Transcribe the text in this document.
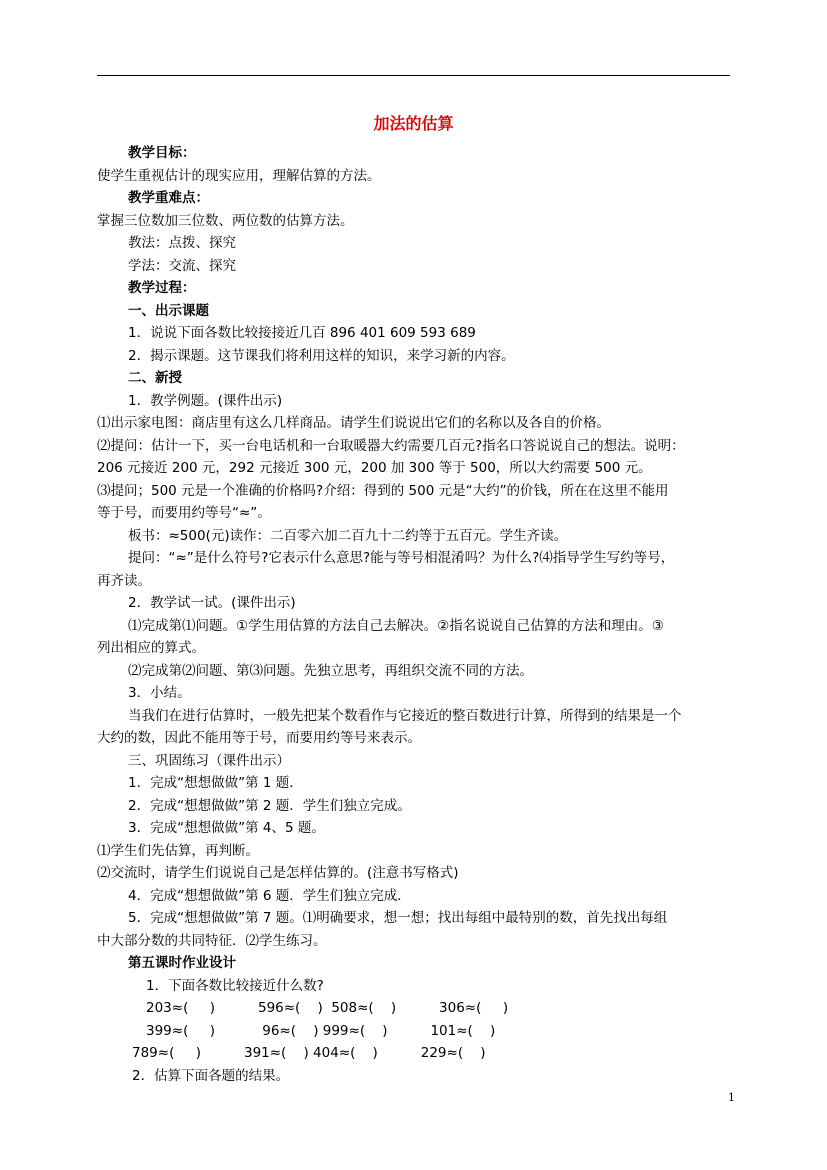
加法的估算
教学目标：
使学生重视估计的现实应用，理解估算的方法。
教学重难点：
掌握三位数加三位数、两位数的估算方法。
教法：点拨、探究
学法：交流、探究
教学过程：
一、出示课题
1．说说下面各数比较接接近几百 896 401 609 593 689
2．揭示课题。这节课我们将利用这样的知识，来学习新的内容。
二、新授
1．教学例题。(课件出示)
⑴出示家电图：商店里有这么几样商品。请学生们说说出它们的名称以及各自的价格。
⑵提问：估计一下，买一台电话机和一台取暖器大约需要几百元?指名口答说说自己的想法。说明：
206 元接近 200 元，292 元接近 300 元，200 加 300 等于 500，所以大约需要 500 元。
⑶提问；500 元是一个准确的价格吗?介绍：得到的 500 元是“大约”的价钱，所在在这里不能用
等于号，而要用约等号“≈”。
板书：≈500(元)读作：二百零六加二百九十二约等于五百元。学生齐读。
提问：“≈”是什么符号?它表示什么意思?能与等号相混淆吗？为什么?⑷指导学生写约等号，
再齐读。
2．教学试一试。(课件出示)
⑴完成第⑴问题。①学生用估算的方法自己去解决。②指名说说自己估算的方法和理由。③
列出相应的算式。
⑵完成第⑵问题、第⑶问题。先独立思考，再组织交流不同的方法。
3．小结。
当我们在进行估算时，一般先把某个数看作与它接近的整百数进行计算，所得到的结果是一个
大约的数，因此不能用等于号，而要用约等号来表示。
三、巩固练习（课件出示）
1．完成“想想做做”第 1 题．
2．完成“想想做做”第 2 题．学生们独立完成。
3．完成“想想做做”第 4、5 题。
⑴学生们先估算，再判断。
⑵交流时，请学生们说说自己是怎样估算的。(注意书写格式)
4．完成“想想做做”第 6 题．学生们独立完成．
5．完成“想想做做”第 7 题。⑴明确要求，想一想；找出每组中最特别的数，首先找出每组
中大部分数的共同特征．⑵学生练习。
第五课时作业设计
1．下面各数比较接近什么数?
203≈(     )          596≈(    )  508≈(    )          306≈(     )
399≈(     )           96≈(    ) 999≈(    )          101≈(    )
789≈(     )          391≈(    ) 404≈(    )          229≈(    )
2．估算下面各题的结果。
1
